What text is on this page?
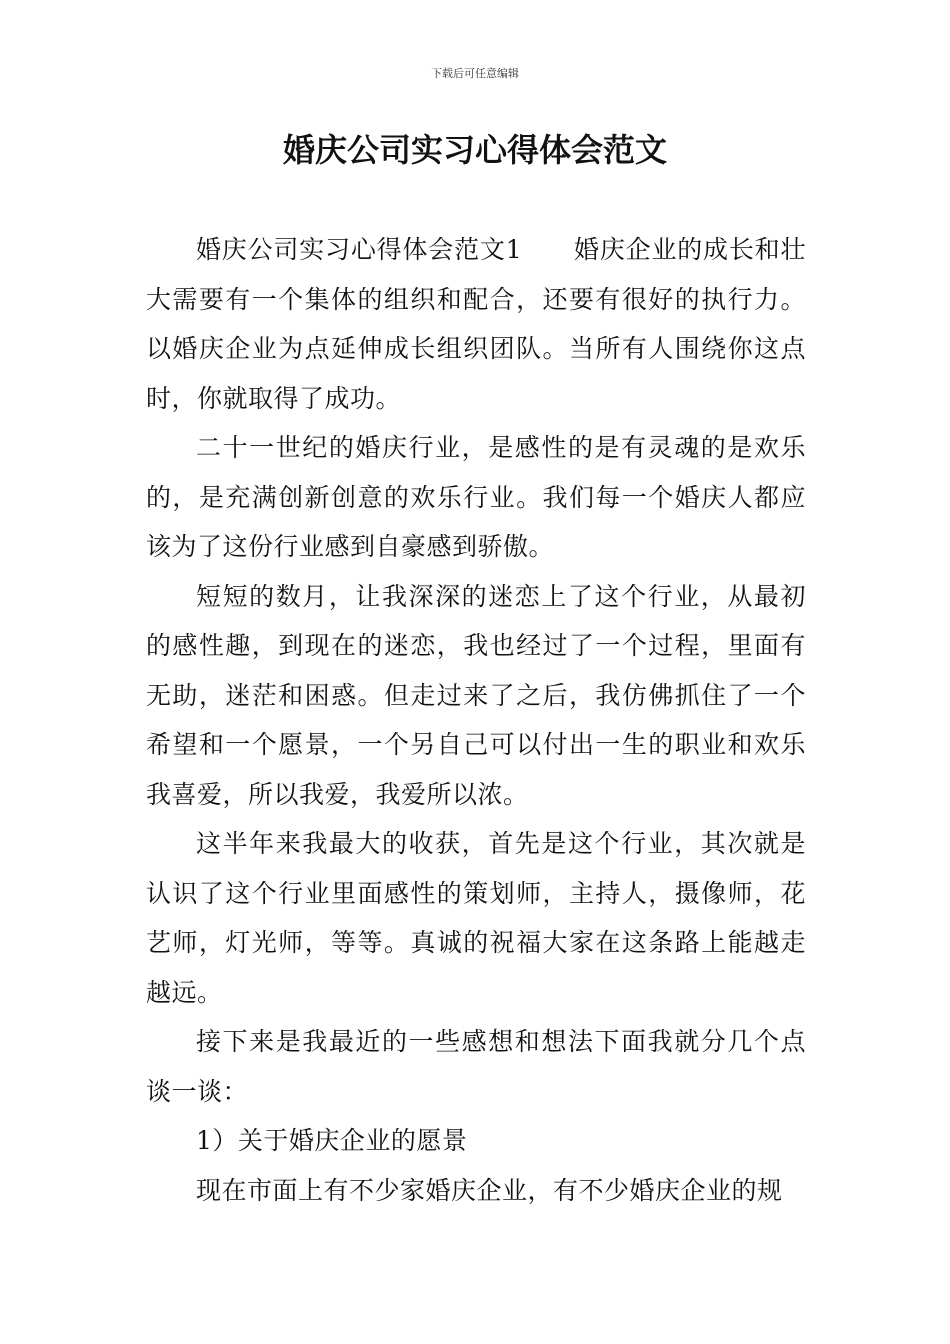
下载后可任意编辑
婚庆公司实习心得体会范文

婚庆公司实习心得体会范文1　　婚庆企业的成长和壮大需要有一个集体的组织和配合，还要有很好的执行力。以婚庆企业为点延伸成长组织团队。当所有人围绕你这点时，你就取得了成功。

二十一世纪的婚庆行业，是感性的是有灵魂的是欢乐的，是充满创新创意的欢乐行业。我们每一个婚庆人都应该为了这份行业感到自豪感到骄傲。

短短的数月，让我深深的迷恋上了这个行业，从最初的感性趣，到现在的迷恋，我也经过了一个过程，里面有无助，迷茫和困惑。但走过来了之后，我仿佛抓住了一个希望和一个愿景，一个另自己可以付出一生的职业和欢乐我喜爱，所以我爱，我爱所以浓。

这半年来我最大的收获，首先是这个行业，其次就是认识了这个行业里面感性的策划师，主持人，摄像师，花艺师，灯光师，等等。真诚的祝福大家在这条路上能越走越远。

接下来是我最近的一些感想和想法下面我就分几个点谈一谈：

1）关于婚庆企业的愿景

现在市面上有不少家婚庆企业，有不少婚庆企业的规
